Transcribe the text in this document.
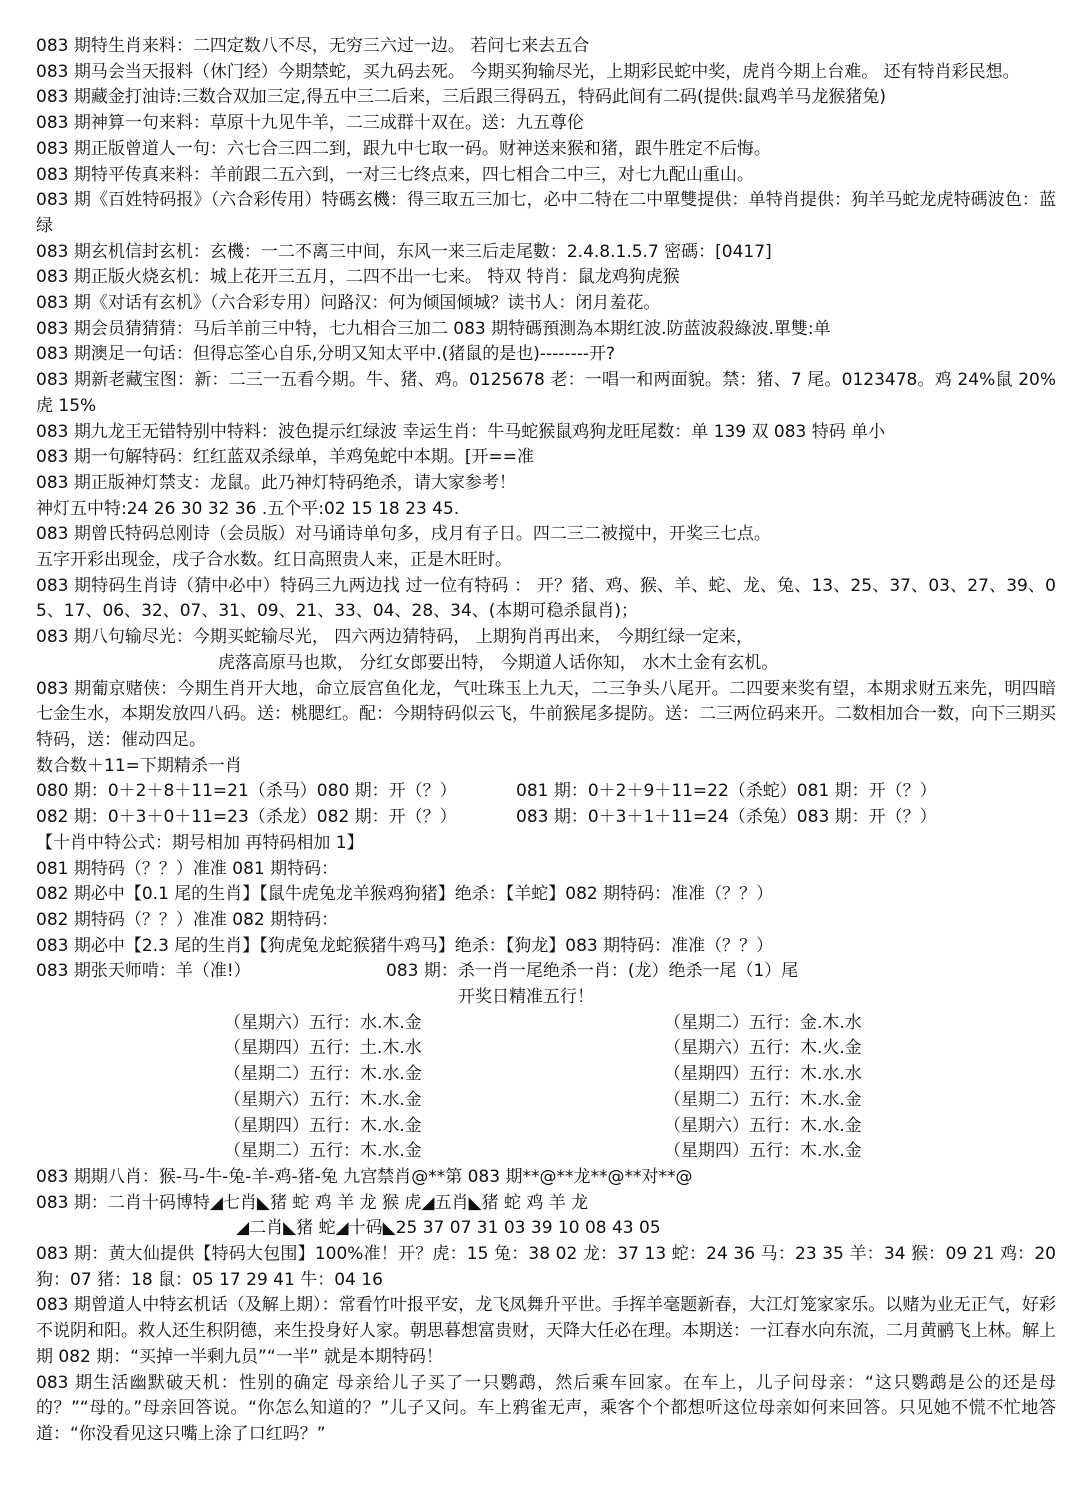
083 期特生肖来料：二四定数八不尽，无穷三六过一边。 若问七来去五合
083 期马会当天报料（休门经）今期禁蛇，买九码去死。 今期买狗输尽光，上期彩民蛇中奖，虎肖今期上台难。 还有特肖彩民想。
083 期藏金打油诗:三数合双加三定,得五中三二后来，三后跟三得码五，特码此间有二码(提供:鼠鸡羊马龙猴猪兔)
083 期神算一句来料：草原十九见牛羊，二三成群十双在。送：九五尊伦
083 期正版曾道人一句：六七合三四二到，跟九中七取一码。财神送来猴和猪，跟牛胜定不后悔。
083 期特平传真来料：羊前跟二五六到，一对三七终点来，四七相合二中三，对七九配山重山。
083 期《百姓特码报》（六合彩传用）特碼玄機：得三取五三加七，必中二特在二中單雙提供：单特肖提供：狗羊马蛇龙虎特碼波色：蓝绿
083 期玄机信封玄机：玄機：一二不离三中间，东风一来三后走尾數：2.4.8.1.5.7 密碼：[0417]
083 期正版火烧玄机：城上花开三五月，二四不出一七来。 特双 特肖：鼠龙鸡狗虎猴
083 期《对话有玄机》（六合彩专用）问路汉：何为倾国倾城？读书人：闭月羞花。
083 期会员猜猜猜：马后羊前三中特，七九相合三加二 083 期特碼預測為本期红波.防蓝波殺綠波.單雙:单
083 期澳足一句话：但得忘筌心自乐,分明又知太平中.(猪鼠的是也)--------开?
083 期新老藏宝图：新：二三一五看今期。牛、猪、鸡。0125678 老：一唱一和两面貌。禁：猪、7 尾。0123478。鸡 24%鼠 20%虎 15%
083 期九龙王无错特别中特料：波色提示红绿波 幸运生肖：牛马蛇猴鼠鸡狗龙旺尾数：单 139 双 083 特码 单小
083 期一句解特码：红红蓝双杀绿单，羊鸡兔蛇中本期。[开==准
083 期正版神灯禁支：龙鼠。此乃神灯特码绝杀，请大家参考！
神灯五中特:24 26 30 32 36 .五个平:02 15 18 23 45.
083 期曾氏特码总刚诗（会员版）对马诵诗单句多，戌月有子日。四二三二被搅中，开奖三七点。
五字开彩出现金，戌子合水数。红日高照贵人来，正是木旺时。
083 期特码生肖诗（猜中必中）特码三九两边找 过一位有特码 ： 开？猪、鸡、猴、羊、蛇、龙、兔、13、25、37、03、27、39、05、17、06、32、07、31、09、21、33、04、28、34、(本期可稳杀鼠肖)；
083 期八句输尽光：今期买蛇输尽光， 四六两边猜特码， 上期狗肖再出来， 今期红绿一定来，
虎落高原马也欺， 分红女郎要出特， 今期道人话你知， 水木土金有玄机。
083 期葡京赌侠：今期生肖开大地，命立辰宫鱼化龙，气吐珠玉上九天，二三争头八尾开。二四要来奖有望，本期求财五来先，明四暗七金生水，本期发放四八码。送：桃腮红。配：今期特码似云飞，牛前猴尾多提防。送：二三两位码来开。二数相加合一数，向下三期买特码，送：催动四足。
数合数＋11=下期精杀一肖
080 期：0＋2＋8＋11=21（杀马）080 期：开（？）	081 期：0＋2＋9＋11=22（杀蛇）081 期：开（？）
082 期：0＋3＋0＋11=23（杀龙）082 期：开（？）	083 期：0＋3＋1＋11=24（杀兔）083 期：开（？）
【十肖中特公式：期号相加 再特码相加 1】
081 期特码（？？）准准 081 期特码：
082 期必中【0.1 尾的生肖】【鼠牛虎兔龙羊猴鸡狗猪】绝杀：【羊蛇】082 期特码：准准（？？）
082 期特码（？？）准准 082 期特码：
083 期必中【2.3 尾的生肖】【狗虎兔龙蛇猴猪牛鸡马】绝杀：【狗龙】083 期特码：准准（？？）
083 期张天师啃：羊（准!）	083 期：杀一肖一尾绝杀一肖：(龙）绝杀一尾（1）尾
开奖日精准五行！
（星期六）五行：水.木.金	（星期二）五行：金.木.水
（星期四）五行：土.木.水	（星期六）五行：木.火.金
（星期二）五行：木.水.金	（星期四）五行：木.水.水
（星期六）五行：木.水.金	（星期二）五行：木.水.金
（星期四）五行：木.水.金	（星期六）五行：木.水.金
（星期二）五行：木.水.金	（星期四）五行：木.水.金
083 期期八肖：猴-马-牛-兔-羊-鸡-猪-兔 九宫禁肖@**第 083 期**@**龙**@**对**@
083 期：二肖十码博特◢七肖◣猪 蛇 鸡 羊 龙 猴 虎◢五肖◣猪 蛇 鸡 羊 龙
◢二肖◣猪 蛇◢十码◣25 37 07 31 03 39 10 08 43 05
083 期：黄大仙提供【特码大包围】100%准！开？虎：15 兔：38 02 龙：37 13 蛇：24 36 马：23 35 羊：34 猴：09 21 鸡：20 狗：07 猪：18 鼠：05 17 29 41 牛：04 16
083 期曾道人中特玄机话（及解上期）：常看竹叶报平安，龙飞凤舞升平世。手挥羊毫题新春，大江灯笼家家乐。以赌为业无正气，好彩不说阴和阳。救人还生积阴德，来生投身好人家。朝思暮想富贵财，天降大任必在理。本期送：一江春水向东流，二月黄鹂飞上林。解上期 082 期：“买掉一半剩九员”“一半” 就是本期特码！
083 期生活幽默破天机：性别的确定 母亲给儿子买了一只鹦鹉，然后乘车回家。在车上，儿子问母亲：“这只鹦鹉是公的还是母的？”“母的。”母亲回答说。“你怎么知道的？”儿子又问。车上鸦雀无声，乘客个个都想听这位母亲如何来回答。只见她不慌不忙地答道：“你没看见这只嘴上涂了口红吗？”
